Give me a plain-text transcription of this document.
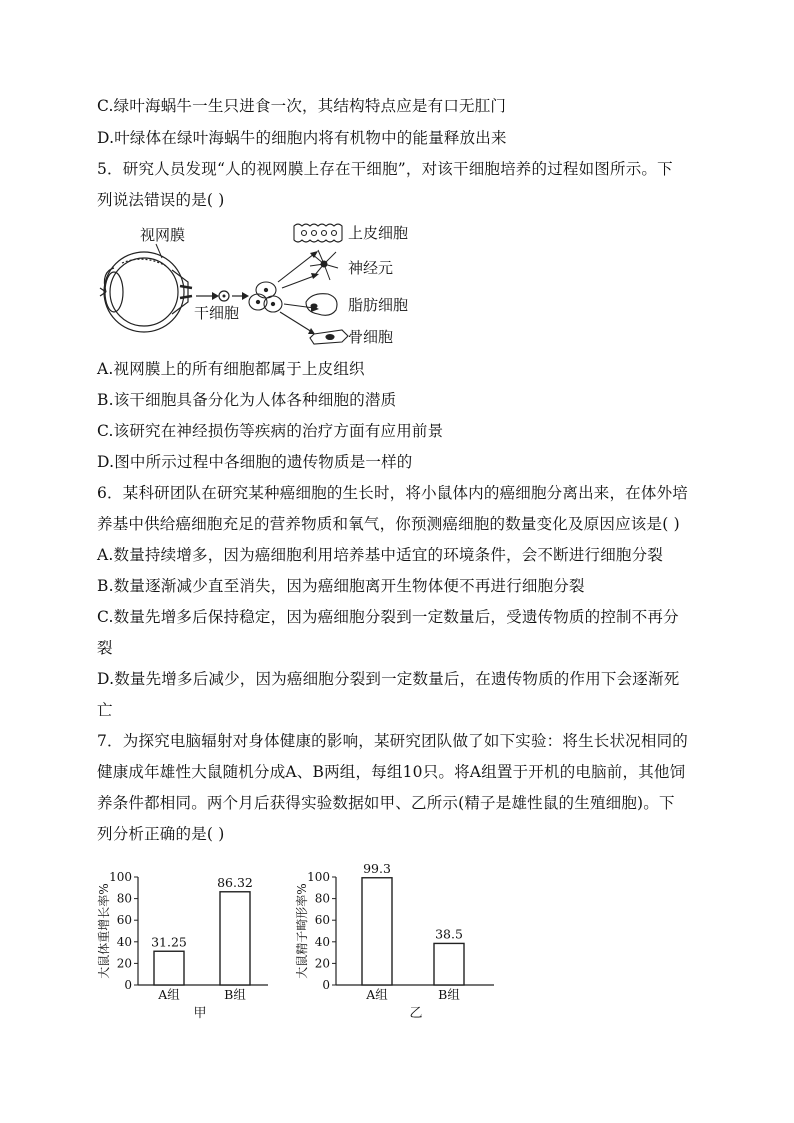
C.绿叶海蜗牛一生只进食一次，其结构特点应是有口无肛门
D.叶绿体在绿叶海蜗牛的细胞内将有机物中的能量释放出来
5．研究人员发现“人的视网膜上存在干细胞”，对该干细胞培养的过程如图所示。下
列说法错误的是( )
视网膜
干细胞
上皮细胞
神经元
脂肪细胞
骨细胞
A.视网膜上的所有细胞都属于上皮组织
B.该干细胞具备分化为人体各种细胞的潜质
C.该研究在神经损伤等疾病的治疗方面有应用前景
D.图中所示过程中各细胞的遗传物质是一样的
6．某科研团队在研究某种癌细胞的生长时，将小鼠体内的癌细胞分离出来，在体外培
养基中供给癌细胞充足的营养物质和氧气，你预测癌细胞的数量变化及原因应该是( )
A.数量持续增多，因为癌细胞利用培养基中适宜的环境条件，会不断进行细胞分裂
B.数量逐渐减少直至消失，因为癌细胞离开生物体便不再进行细胞分裂
C.数量先增多后保持稳定，因为癌细胞分裂到一定数量后，受遗传物质的控制不再分
裂
D.数量先增多后减少，因为癌细胞分裂到一定数量后，在遗传物质的作用下会逐渐死
亡
7．为探究电脑辐射对身体健康的影响，某研究团队做了如下实验：将生长状况相同的
健康成年雄性大鼠随机分成A、B两组，每组10只。将A组置于开机的电脑前，其他饲
养条件都相同。两个月后获得实验数据如甲、乙所示(精子是雄性鼠的生殖细胞)。下
列分析正确的是( )
0
20
40
60
80
100
大鼠体重增长率%	31.25
A组
86.32
B组
甲
0
20
40
60
80
100
大鼠精子畸形率%
99.3
A组
38.5
B组
乙
